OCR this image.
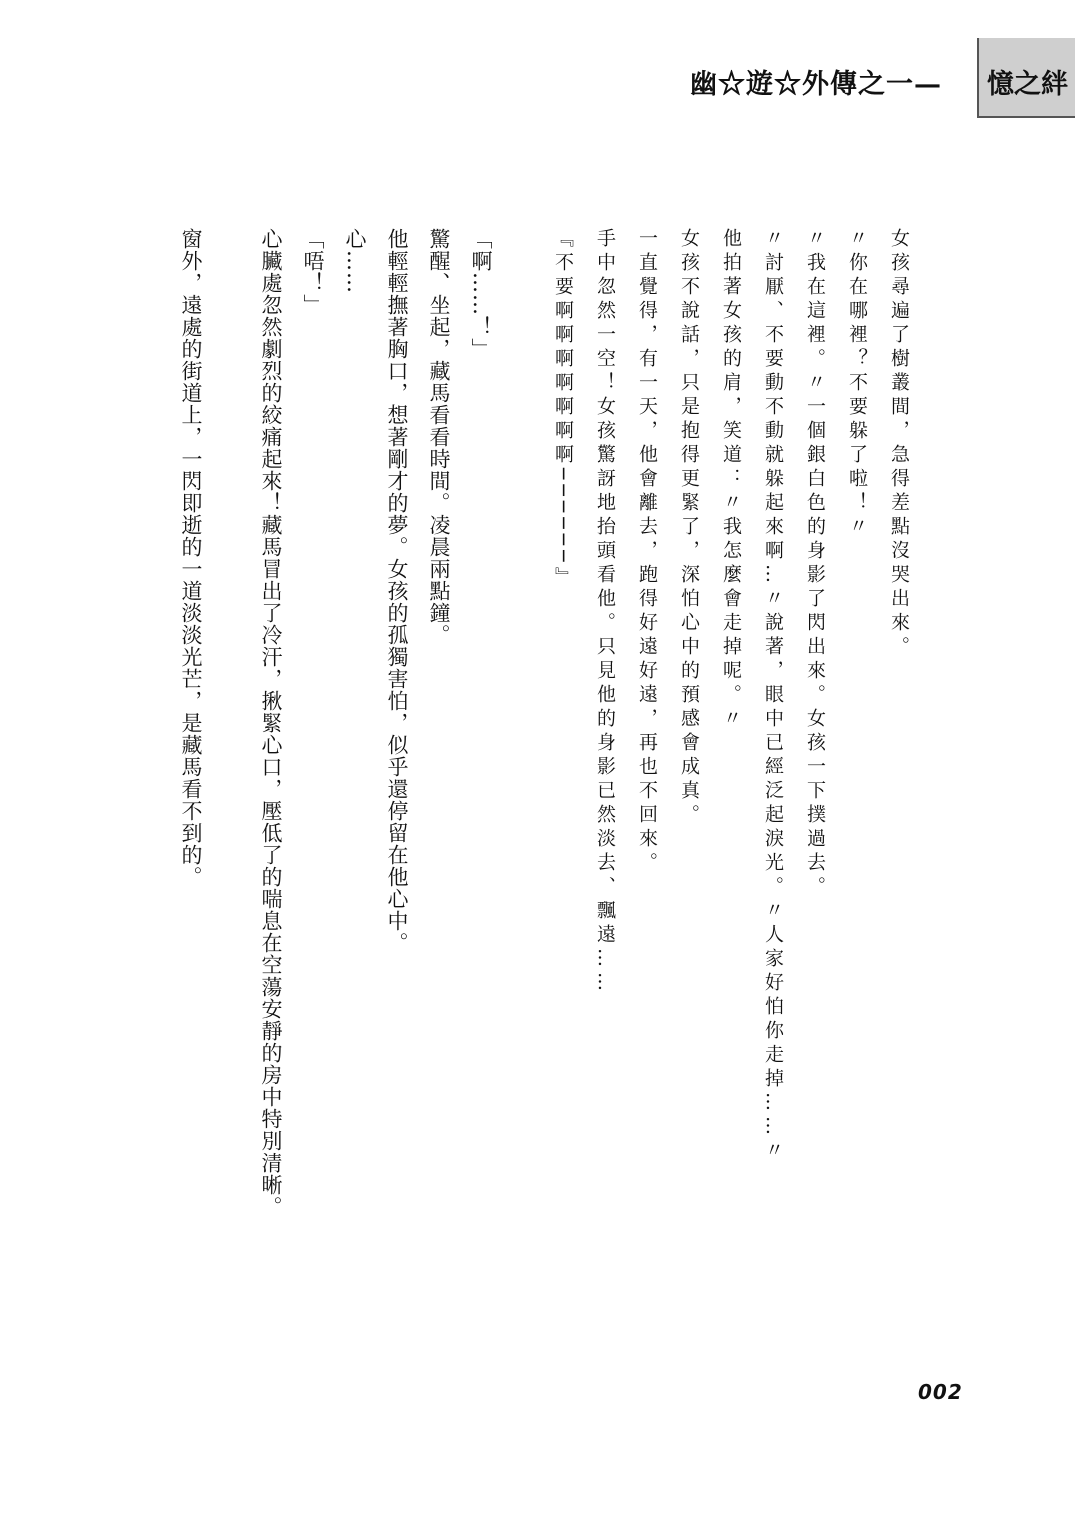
幽☆遊☆外傳之一—	憶之絆
女孩尋遍了樹叢間，急得差點沒哭出來。
〃你在哪裡？不要躲了啦！〃
〃我在這裡。〃一個銀白色的身影了閃出來。女孩一下撲過去。
〃討厭、不要動不動就躲起來啊…〃說著，眼中已經泛起淚光。〃人家好怕你走掉……〃
他拍著女孩的肩，笑道：〃我怎麼會走掉呢。〃
女孩不說話，只是抱得更緊了，深怕心中的預感會成真。
一直覺得，有一天，他會離去，跑得好遠好遠，再也不回來。
手中忽然一空！女孩驚訝地抬頭看他。只見他的身影已然淡去、飄遠……
『不要啊啊啊啊啊啊啊──────』
「啊……！」
驚醒、坐起，藏馬看看時間。凌晨兩點鐘。
他輕輕撫著胸口，想著剛才的夢。女孩的孤獨害怕，似乎還停留在他心中。
心……
「唔！」
心臟處忽然劇烈的絞痛起來！藏馬冒出了冷汗，揪緊心口，壓低了的喘息在空蕩安靜的房中特別清晰。
窗外，遠處的街道上，一閃即逝的一道淡淡光芒，是藏馬看不到的。
002
